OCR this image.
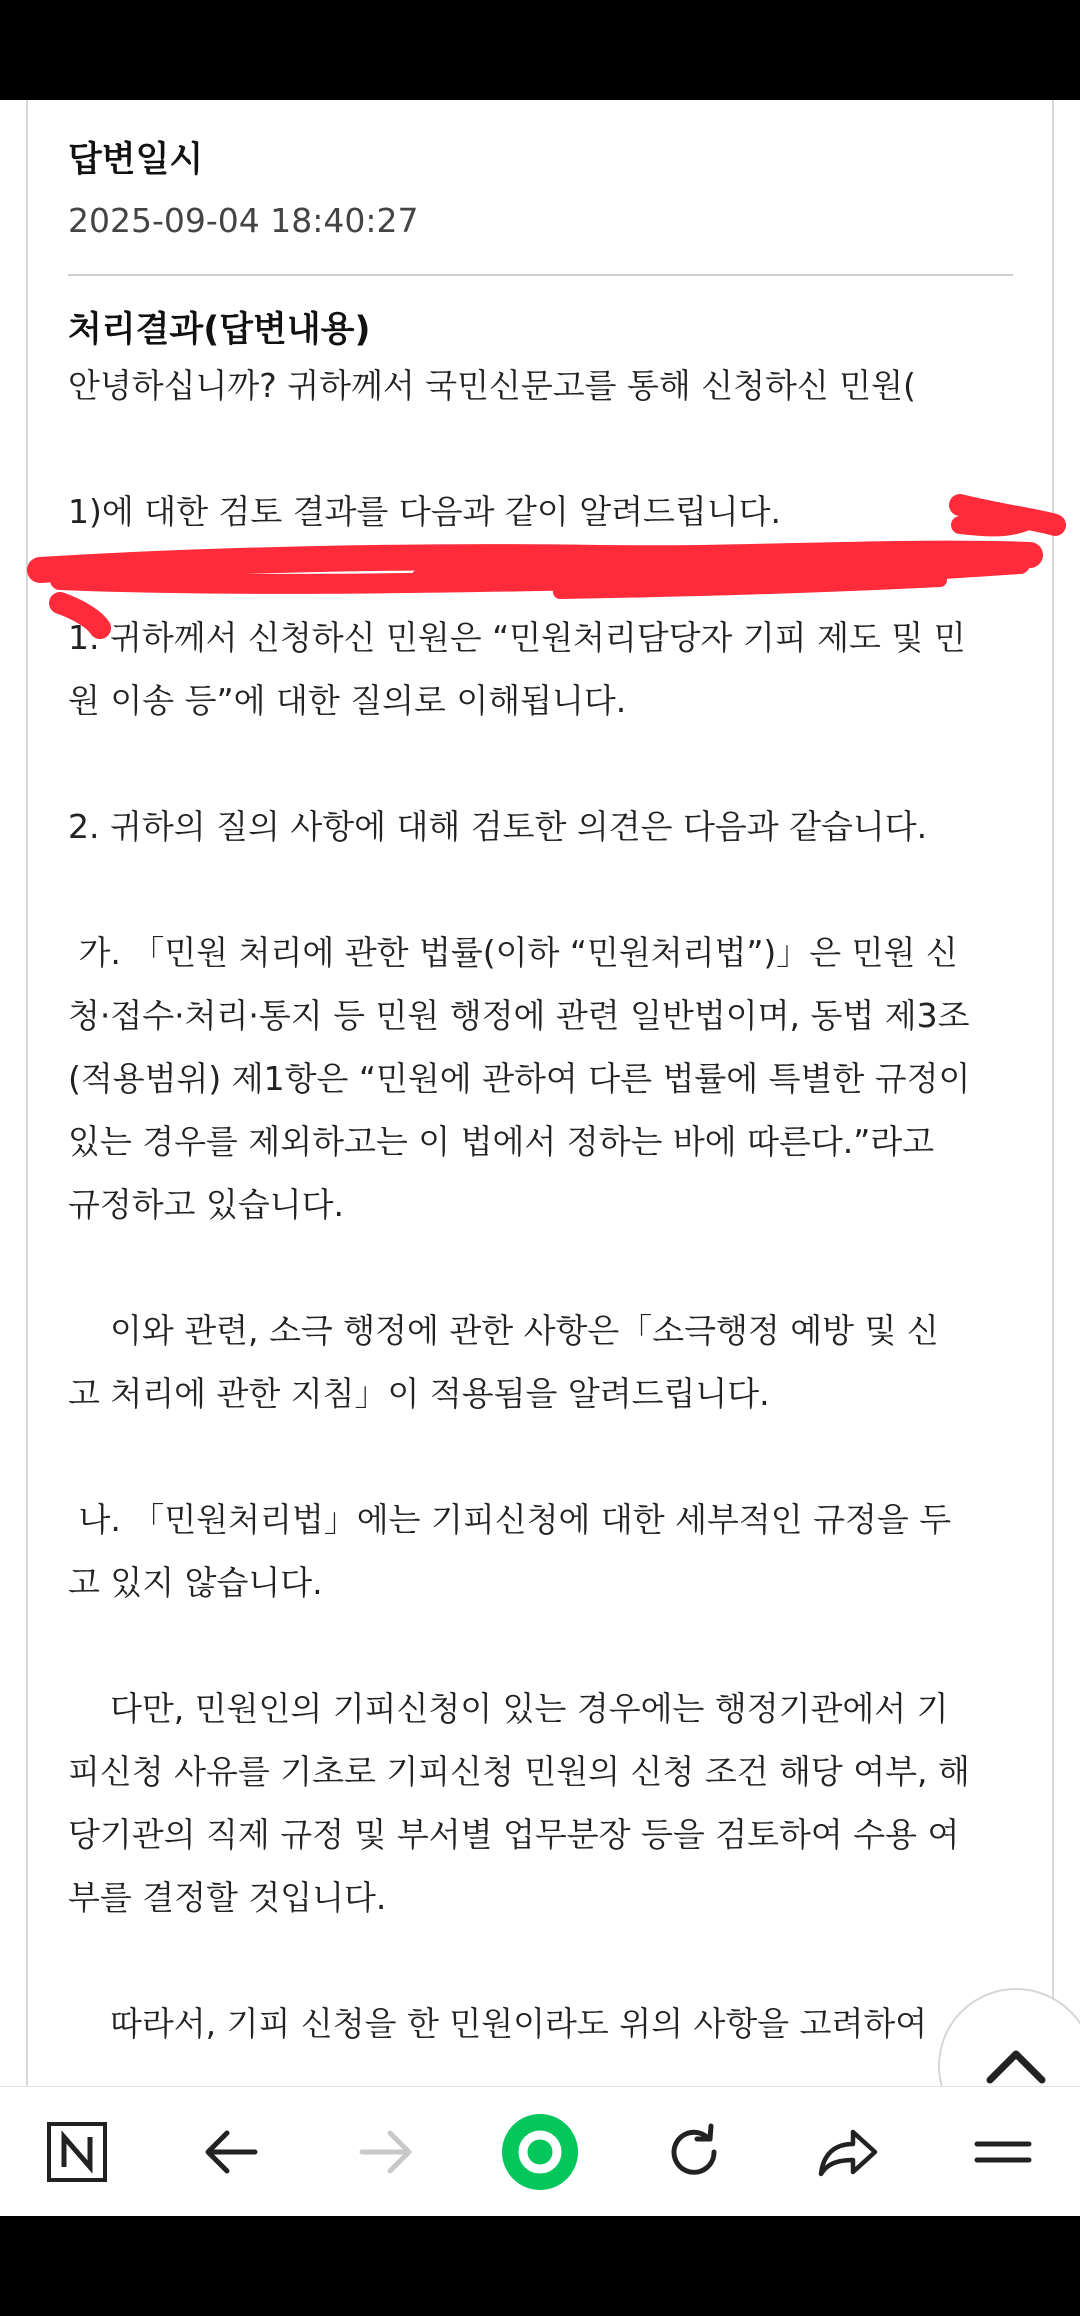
답변일시
2025-09-04 18:40:27
처리결과(답변내용)
안녕하십니까? 귀하께서 국민신문고를 통해 신청하신 민원(
1)에 대한 검토 결과를 다음과 같이 알려드립니다.
1. 귀하께서 신청하신 민원은 “민원처리담당자 기피 제도 및 민
원 이송 등”에 대한 질의로 이해됩니다.
2. 귀하의 질의 사항에 대해 검토한 의견은 다음과 같습니다.
가. 「민원 처리에 관한 법률(이하 “민원처리법”)」은 민원 신
청·접수·처리·통지 등 민원 행정에 관련 일반법이며, 동법 제3조
(적용범위) 제1항은 “민원에 관하여 다른 법률에 특별한 규정이
있는 경우를 제외하고는 이 법에서 정하는 바에 따른다.”라고
규정하고 있습니다.
이와 관련, 소극 행정에 관한 사항은「소극행정 예방 및 신
고 처리에 관한 지침」이 적용됨을 알려드립니다.
나. 「민원처리법」에는 기피신청에 대한 세부적인 규정을 두
고 있지 않습니다.
다만, 민원인의 기피신청이 있는 경우에는 행정기관에서 기
피신청 사유를 기초로 기피신청 민원의 신청 조건 해당 여부, 해
당기관의 직제 규정 및 부서별 업무분장 등을 검토하여 수용 여
부를 결정할 것입니다.
따라서, 기피 신청을 한 민원이라도 위의 사항을 고려하여
